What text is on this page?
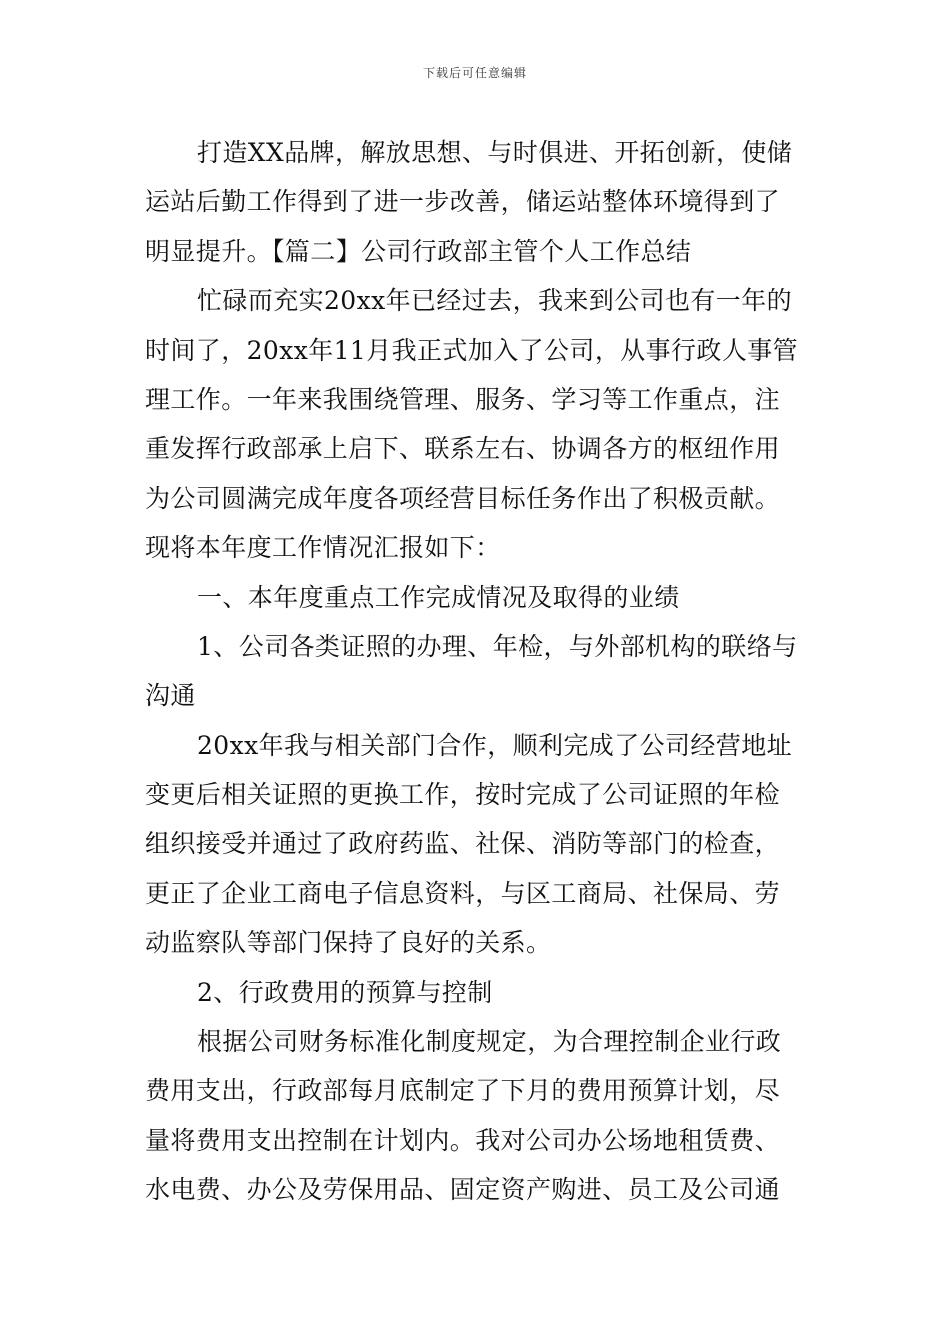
下载后可任意编辑
打造XX品牌，解放思想、与时俱进、开拓创新，使储
运站后勤工作得到了进一步改善，储运站整体环境得到了
明显提升。【篇二】公司行政部主管个人工作总结
忙碌而充实20xx年已经过去，我来到公司也有一年的
时间了，20xx年11月我正式加入了公司，从事行政人事管
理工作。一年来我围绕管理、服务、学习等工作重点，注
重发挥行政部承上启下、联系左右、协调各方的枢纽作用
为公司圆满完成年度各项经营目标任务作出了积极贡献。
现将本年度工作情况汇报如下：
一、本年度重点工作完成情况及取得的业绩
1、公司各类证照的办理、年检，与外部机构的联络与
沟通
20xx年我与相关部门合作，顺利完成了公司经营地址
变更后相关证照的更换工作，按时完成了公司证照的年检
组织接受并通过了政府药监、社保、消防等部门的检查，
更正了企业工商电子信息资料，与区工商局、社保局、劳
动监察队等部门保持了良好的关系。
2、行政费用的预算与控制
根据公司财务标准化制度规定，为合理控制企业行政
费用支出，行政部每月底制定了下月的费用预算计划，尽
量将费用支出控制在计划内。我对公司办公场地租赁费、
水电费、办公及劳保用品、固定资产购进、员工及公司通
